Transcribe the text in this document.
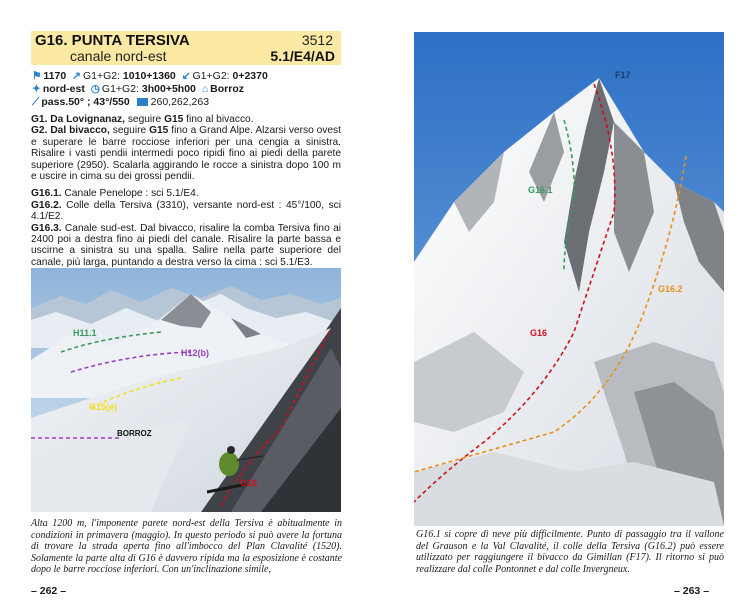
G16. PUNTA TERSIVA
canale nord-est
3512
5.1/E4/AD
⚑ 1170 ↗ G1+G2: 1010+1360 ↙ G1+G2: 0+2370
✦ nord-est ◷ G1+G2: 3h00+5h00 ⌂ Borroz
⟋ pass.50° ; 43°/550 260,262,263

G1. Da Lovignanaz, seguire G15 fino al bivacco.
G2. Dal bivacco, seguire G15 fino a Grand Alpe. Alzarsi verso ovest e superare le barre rocciose inferiori per una cengia a sinistra. Risalire i vasti pendii intermedi poco ripidi fino ai piedi della parete superiore (2950). Scalarla aggirando le rocce a sinistra dopo 100 m e uscire in cima su dei grossi pendii.

G16.1. Canale Penelope : sci 5.1/E4.
G16.2. Colle della Tersiva (3310), versante nord-est : 45°/100, sci 4.1/E2.
G16.3. Canale sud-est. Dal bivacco, risalire la comba Tersiva fino ai 2400 poi a destra fino ai piedi del canale. Risalire la parte bassa e uscirne a sinistra su una spalla. Salire nella parte superiore del canale, più larga, puntando a destra verso la cima : sci 5.1/E3.

H11.1
H12(b)
G15(e)
BORROZ
G16

Alta 1200 m, l'imponente parete nord-est della Tersiva è abitualmente in condizioni in primavera (maggio). In questo periodo si può avere la fortuna di trovare la strada aperta fino all'imbocco del Plan Clavalité (1520). Solamente la parte alta di G16 è davvero ripida ma la esposizione è costante dopo le barre rocciose inferiori. Con un'inclinazione simile,

– 262 –
F17
G16.1
G16.2
G16

G16.1 si copre di neve più difficilmente. Punto di passaggio tra il vallone del Grauson e la Val Clavalité, il colle della Tersiva (G16.2) può essere utilizzato per raggiungere il bivacco da Gimillan (F17). Il ritorno si può realizzare dal colle Pontonnet e dal colle Invergneux.

– 263 –
